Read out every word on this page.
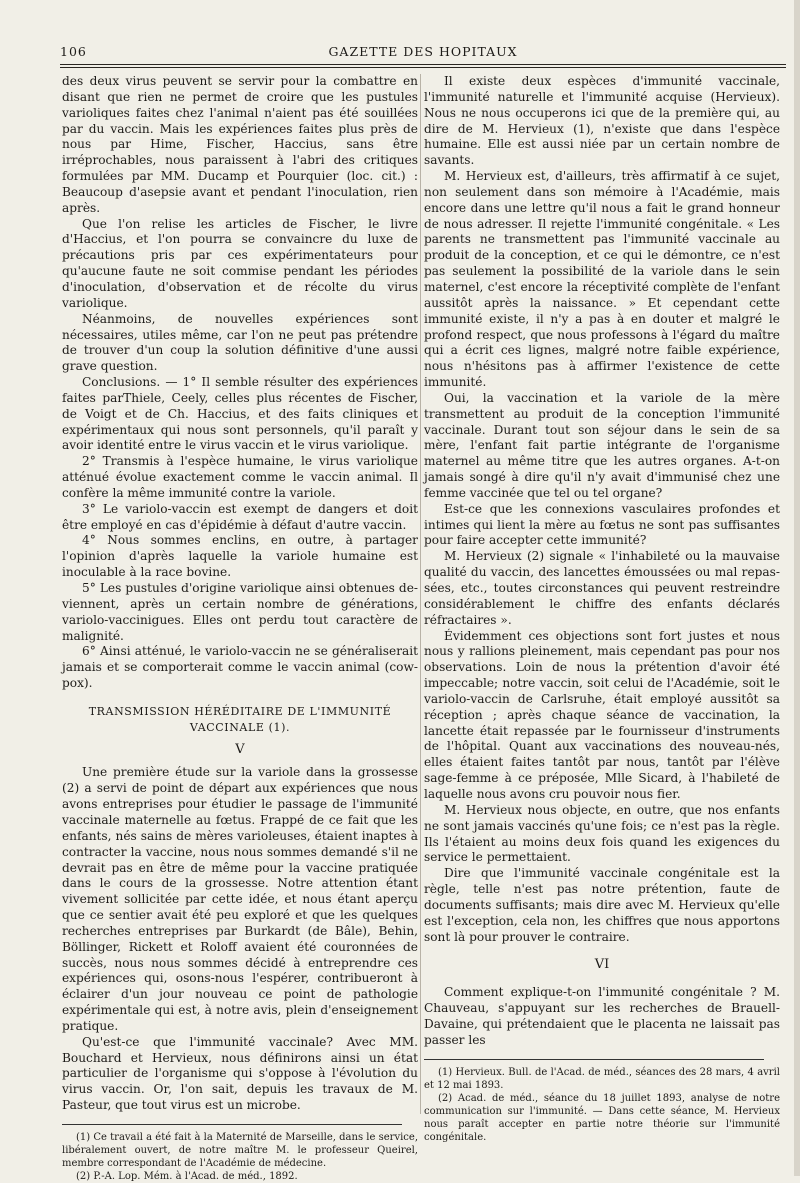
106	GAZETTE DES HOPITAUX

des deux virus peuvent se servir pour la combattre en disant que rien ne permet de croire que les pustules varioliques faites chez l'animal n'aient pas été souillées par du vaccin. Mais les expériences faites plus près de nous par Hime, Fischer, Haccius, sans être irréprochables, nous paraissent à l'abri des critiques formulées par MM. Ducamp et Pourquier (loc. cit.) : Beaucoup d'asepsie avant et pendant l'inoculation, rien après.

Que l'on relise les articles de Fischer, le livre d'Haccius, et l'on pourra se convaincre du luxe de précautions pris par ces expérimentateurs pour qu'aucune faute ne soit commise pendant les périodes d'inoculation, d'observation et de récolte du virus variolique.

Néanmoins, de nouvelles expériences sont nécessaires, utiles même, car l'on ne peut pas prétendre de trouver d'un coup la solution définitive d'une aussi grave question.

Conclusions. — 1° Il semble résulter des expériences faites parThiele, Ceely, celles plus récentes de Fischer, de Voigt et de Ch. Haccius, et des faits cliniques et expérimentaux qui nous sont personnels, qu'il paraît y avoir identité entre le virus vaccin et le virus variolique.

2° Transmis à l'espèce humaine, le virus variolique atténué évolue exactement comme le vaccin animal. Il confère la même immunité contre la variole.

3° Le variolo-vaccin est exempt de dangers et doit être employé en cas d'épidémie à défaut d'autre vaccin.

4° Nous sommes enclins, en outre, à partager l'opinion d'après laquelle la variole humaine est inoculable à la race bovine.

5° Les pustules d'origine variolique ainsi obtenues deviennent, après un certain nombre de générations, variolo-vaccinigues. Elles ont perdu tout caractère de malignité.

6° Ainsi atténué, le variolo-vaccin ne se généraliserait jamais et se comporterait comme le vaccin animal (cow-pox).

TRANSMISSION HÉRÉDITAIRE DE L'IMMUNITÉ VACCINALE (1).
V

Une première étude sur la variole dans la grossesse (2) a servi de point de départ aux expériences que nous avons entreprises pour étudier le passage de l'immunité vaccinale maternelle au fœtus. Frappé de ce fait que les enfants, nés sains de mères varioleuses, étaient inaptes à contracter la vaccine, nous nous sommes demandé s'il ne devrait pas en être de même pour la vaccine pratiquée dans le cours de la grossesse. Notre attention étant vivement sollicitée par cette idée, et nous étant aperçu que ce sentier avait été peu exploré et que les quelques recherches entreprises par Burkardt (de Bâle), Behin, Böllinger, Rickett et Roloff avaient été couronnées de succès, nous nous sommes décidé à entreprendre ces expériences qui, osons-nous l'espérer, contribueront à éclairer d'un jour nouveau ce point de pathologie expérimentale qui est, à notre avis, plein d'enseignement pratique.

Qu'est-ce que l'immunité vaccinale? Avec MM. Bouchard et Hervieux, nous définirons ainsi un état particulier de l'organisme qui s'oppose à l'évolution du virus vaccin. Or, l'on sait, depuis les travaux de M. Pasteur, que tout virus est un microbe.

(1) Ce travail a été fait à la Maternité de Marseille, dans le service, libéralement ouvert, de notre maître M. le professeur Queirel, membre correspondant de l'Académie de médecine.

(2) P.-A. Lop. Mém. à l'Acad. de méd., 1892.

Il existe deux espèces d'immunité vaccinale, l'immunité naturelle et l'immunité acquise (Hervieux). Nous ne nous occuperons ici que de la première qui, au dire de M. Hervieux (1), n'existe que dans l'espèce humaine. Elle est aussi niée par un certain nombre de savants.

M. Hervieux est, d'ailleurs, très affirmatif à ce sujet, non seulement dans son mémoire à l'Académie, mais encore dans une lettre qu'il nous a fait le grand honneur de nous adresser. Il rejette l'immunité congénitale. « Les parents ne transmettent pas l'immunité vaccinale au produit de la conception, et ce qui le démontre, ce n'est pas seulement la possibilité de la variole dans le sein maternel, c'est encore la réceptivité complète de l'enfant aussitôt après la naissance. » Et cependant cette immunité existe, il n'y a pas à en douter et malgré le profond respect, que nous professons à l'égard du maître qui a écrit ces lignes, malgré notre faible expérience, nous n'hésitons pas à affirmer l'existence de cette immunité.

Oui, la vaccination et la variole de la mère transmettent au produit de la conception l'immunité vaccinale. Durant tout son séjour dans le sein de sa mère, l'enfant fait partie intégrante de l'organisme maternel au même titre que les autres organes. A-t-on jamais songé à dire qu'il n'y avait d'immunisé chez une femme vaccinée que tel ou tel organe?

Est-ce que les connexions vasculaires profondes et intimes qui lient la mère au fœtus ne sont pas suffisantes pour faire accepter cette immunité?

M. Hervieux (2) signale « l'inhabileté ou la mauvaise qualité du vaccin, des lancettes émoussées ou mal repassées, etc., toutes circonstances qui peuvent restreindre considérablement le chiffre des enfants déclarés réfractaires ».

Évidemment ces objections sont fort justes et nous nous y rallions pleinement, mais cependant pas pour nos observations. Loin de nous la prétention d'avoir été impeccable; notre vaccin, soit celui de l'Académie, soit le variolo-vaccin de Carlsruhe, était employé aussitôt sa réception ; après chaque séance de vaccination, la lancette était repassée par le fournisseur d'instruments de l'hôpital. Quant aux vaccinations des nouveau-nés, elles étaient faites tantôt par nous, tantôt par l'élève sage-femme à ce préposée, Mlle Sicard, à l'habileté de laquelle nous avons cru pouvoir nous fier.

M. Hervieux nous objecte, en outre, que nos enfants ne sont jamais vaccinés qu'une fois; ce n'est pas la règle. Ils l'étaient au moins deux fois quand les exigences du service le permettaient.

Dire que l'immunité vaccinale congénitale est la règle, telle n'est pas notre prétention, faute de documents suffisants; mais dire avec M. Hervieux qu'elle est l'exception, cela non, les chiffres que nous apportons sont là pour prouver le contraire.

VI

Comment explique-t-on l'immunité congénitale ? M. Chauveau, s'appuyant sur les recherches de Brauell-Davaine, qui prétendaient que le placenta ne laissait pas passer les

(1) Hervieux. Bull. de l'Acad. de méd., séances des 28 mars, 4 avril et 12 mai 1893.

(2) Acad. de méd., séance du 18 juillet 1893, analyse de notre communication sur l'immunité. — Dans cette séance, M. Hervieux nous paraît accepter en partie notre théorie sur l'immunité congénitale.
